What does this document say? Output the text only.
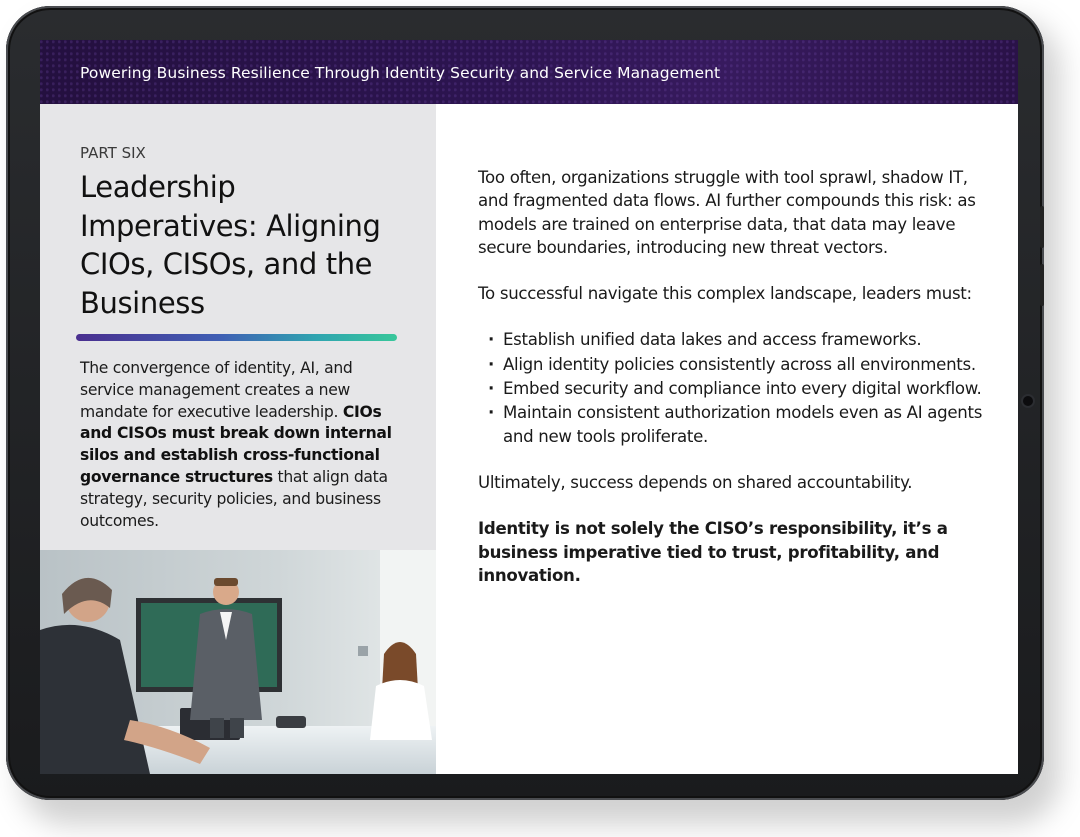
Powering Business Resilience Through Identity Security and Service Management
PART SIX
Leadership Imperatives: Aligning CIOs, CISOs, and the Business
The convergence of identity, AI, and service management creates a new mandate for executive leadership. CIOs and CISOs must break down internal silos and establish cross-functional governance structures that align data strategy, security policies, and business outcomes.

Too often, organizations struggle with tool sprawl, shadow IT, and fragmented data flows. AI further compounds this risk: as models are trained on enterprise data, that data may leave secure boundaries, introducing new threat vectors.

To successful navigate this complex landscape, leaders must:

· Establish unified data lakes and access frameworks.
· Align identity policies consistently across all environments.
· Embed security and compliance into every digital workflow.
· Maintain consistent authorization models even as AI agents and new tools proliferate.

Ultimately, success depends on shared accountability.

Identity is not solely the CISO’s responsibility, it’s a business imperative tied to trust, profitability, and innovation.
